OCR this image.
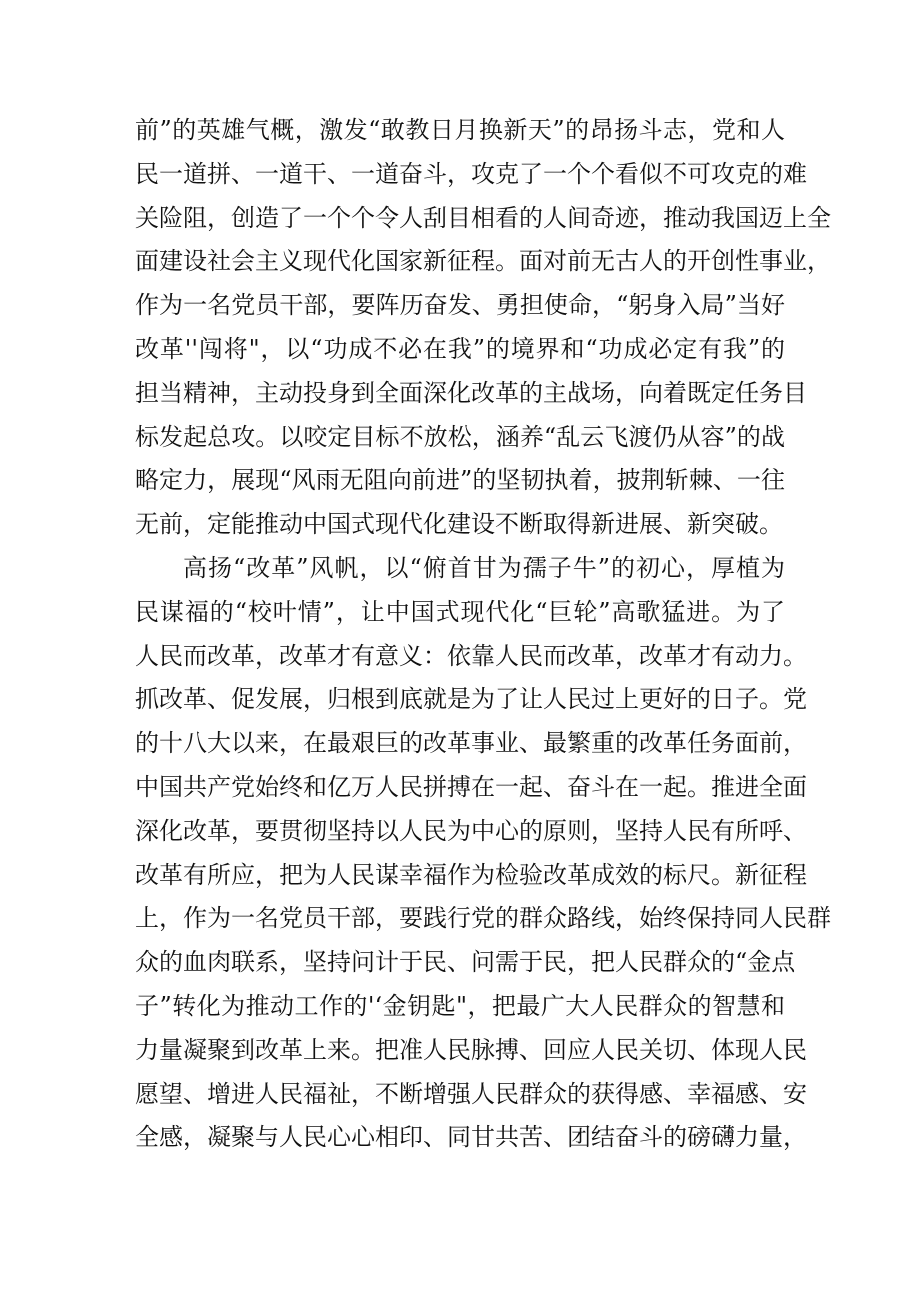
前”的英雄气概，激发“敢教日月换新天”的昂扬斗志，党和人
民一道拼、一道干、一道奋斗，攻克了一个个看似不可攻克的难
关险阻，创造了一个个令人刮目相看的人间奇迹，推动我国迈上全
面建设社会主义现代化国家新征程。面对前无古人的开创性事业，
作为一名党员干部，要阵历奋发、勇担使命，“躬身入局”当好
改革''闯将"，以“功成不必在我”的境界和“功成必定有我”的
担当精神，主动投身到全面深化改革的主战场，向着既定任务目
标发起总攻。以咬定目标不放松，涵养“乱云飞渡仍从容”的战
略定力，展现“风雨无阻向前进”的坚韧执着，披荆斩棘、一往
无前，定能推动中国式现代化建设不断取得新进展、新突破。
高扬“改革”风帆，以“俯首甘为孺子牛”的初心，厚植为
民谋福的“校叶情”，让中国式现代化“巨轮”高歌猛进。为了
人民而改革，改革才有意义：依靠人民而改革，改革才有动力。
抓改革、促发展，归根到底就是为了让人民过上更好的日子。党
的十八大以来，在最艰巨的改革事业、最繁重的改革任务面前，
中国共产党始终和亿万人民拼搏在一起、奋斗在一起。推进全面
深化改革，要贯彻坚持以人民为中心的原则，坚持人民有所呼、
改革有所应，把为人民谋幸福作为检验改革成效的标尺。新征程
上，作为一名党员干部，要践行党的群众路线，始终保持同人民群
众的血肉联系，坚持问计于民、问需于民，把人民群众的“金点
子”转化为推动工作的'‘金钥匙"，把最广大人民群众的智慧和
力量凝聚到改革上来。把准人民脉搏、回应人民关切、体现人民
愿望、增进人民福祉，不断增强人民群众的获得感、幸福感、安
全感，凝聚与人民心心相印、同甘共苦、团结奋斗的磅礴力量，
